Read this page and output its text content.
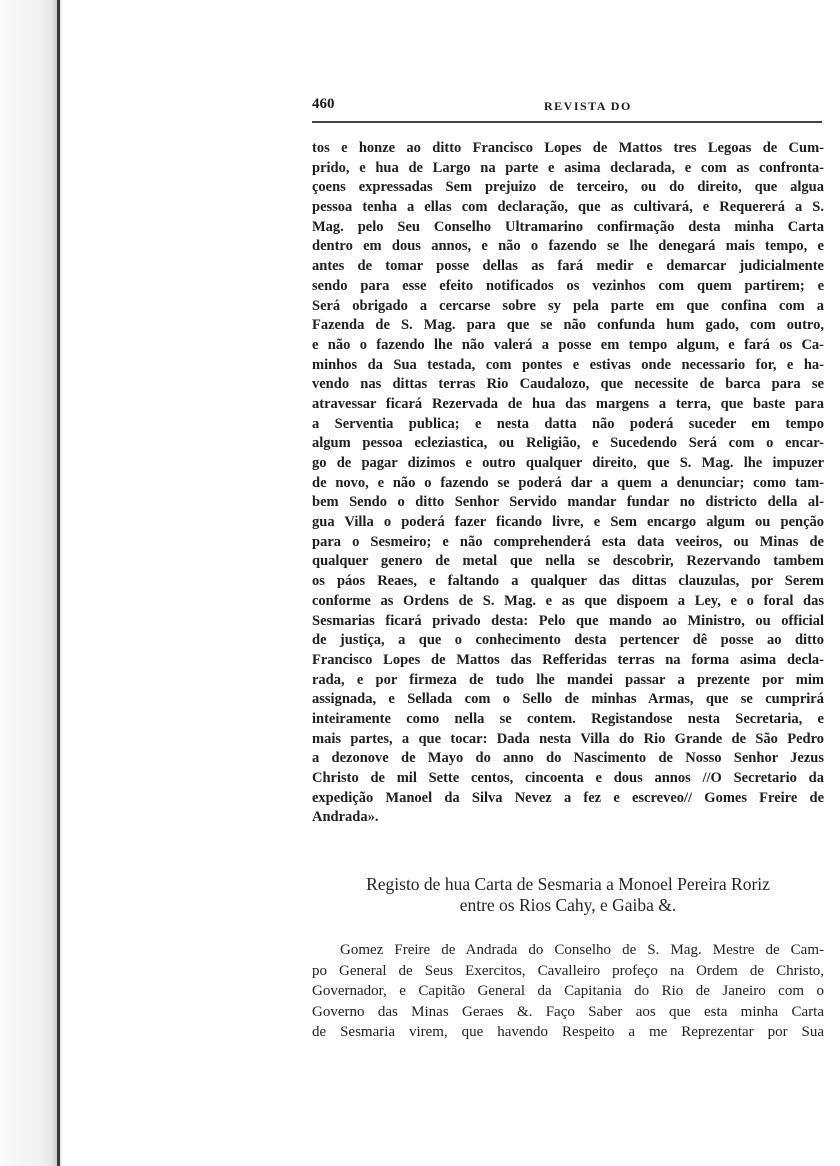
460	REVISTA DO
tos e honze ao ditto Francisco Lopes de Mattos tres Legoas de Cum-
prido, e hua de Largo na parte e asima declarada, e com as confronta-
çoens expressadas Sem prejuizo de terceiro, ou do direito, que algua
pessoa tenha a ellas com declaração, que as cultivará, e Requererá a S.
Mag. pelo Seu Conselho Ultramarino confirmação desta minha Carta
dentro em dous annos, e não o fazendo se lhe denegará mais tempo, e
antes de tomar posse dellas as fará medir e demarcar judicialmente
sendo para esse efeito notificados os vezinhos com quem partirem; e
Será obrigado a cercarse sobre sy pela parte em que confina com a
Fazenda de S. Mag. para que se não confunda hum gado, com outro,
e não o fazendo lhe não valerá a posse em tempo algum, e fará os Ca-
minhos da Sua testada, com pontes e estivas onde necessario for, e ha-
vendo nas dittas terras Rio Caudalozo, que necessite de barca para se
atravessar ficará Rezervada de hua das margens a terra, que baste para
a Serventia publica; e nesta datta não poderá suceder em tempo
algum pessoa ecleziastica, ou Religião, e Sucedendo Será com o encar-
go de pagar dizimos e outro qualquer direito, que S. Mag. lhe impuzer
de novo, e não o fazendo se poderá dar a quem a denunciar; como tam-
bem Sendo o ditto Senhor Servido mandar fundar no districto della al-
gua Villa o poderá fazer ficando livre, e Sem encargo algum ou penção
para o Sesmeiro; e não comprehenderá esta data veeiros, ou Minas de
qualquer genero de metal que nella se descobrir, Rezervando tambem
os páos Reaes, e faltando a qualquer das dittas clauzulas, por Serem
conforme as Ordens de S. Mag. e as que dispoem a Ley, e o foral das
Sesmarias ficará privado desta: Pelo que mando ao Ministro, ou official
de justiça, a que o conhecimento desta pertencer dê posse ao ditto
Francisco Lopes de Mattos das Refferidas terras na forma asima decla-
rada, e por firmeza de tudo lhe mandei passar a prezente por mim
assignada, e Sellada com o Sello de minhas Armas, que se cumprirá
inteiramente como nella se contem. Registandose nesta Secretaria, e
mais partes, a que tocar: Dada nesta Villa do Rio Grande de São Pedro
a dezonove de Mayo do anno do Nascimento de Nosso Senhor Jezus
Christo de mil Sette centos, cincoenta e dous annos //O Secretario da
expedição Manoel da Silva Nevez a fez e escreveo// Gomes Freire de
Andrada».
Registo de hua Carta de Sesmaria a Monoel Pereira Roriz
entre os Rios Cahy, e Gaiba &.
Gomez Freire de Andrada do Conselho de S. Mag. Mestre de Cam-
po General de Seus Exercitos, Cavalleiro profeço na Ordem de Christo,
Governador, e Capitão General da Capitania do Rio de Janeiro com o
Governo das Minas Geraes &. Faço Saber aos que esta minha Carta
de Sesmaria virem, que havendo Respeito a me Reprezentar por Sua
